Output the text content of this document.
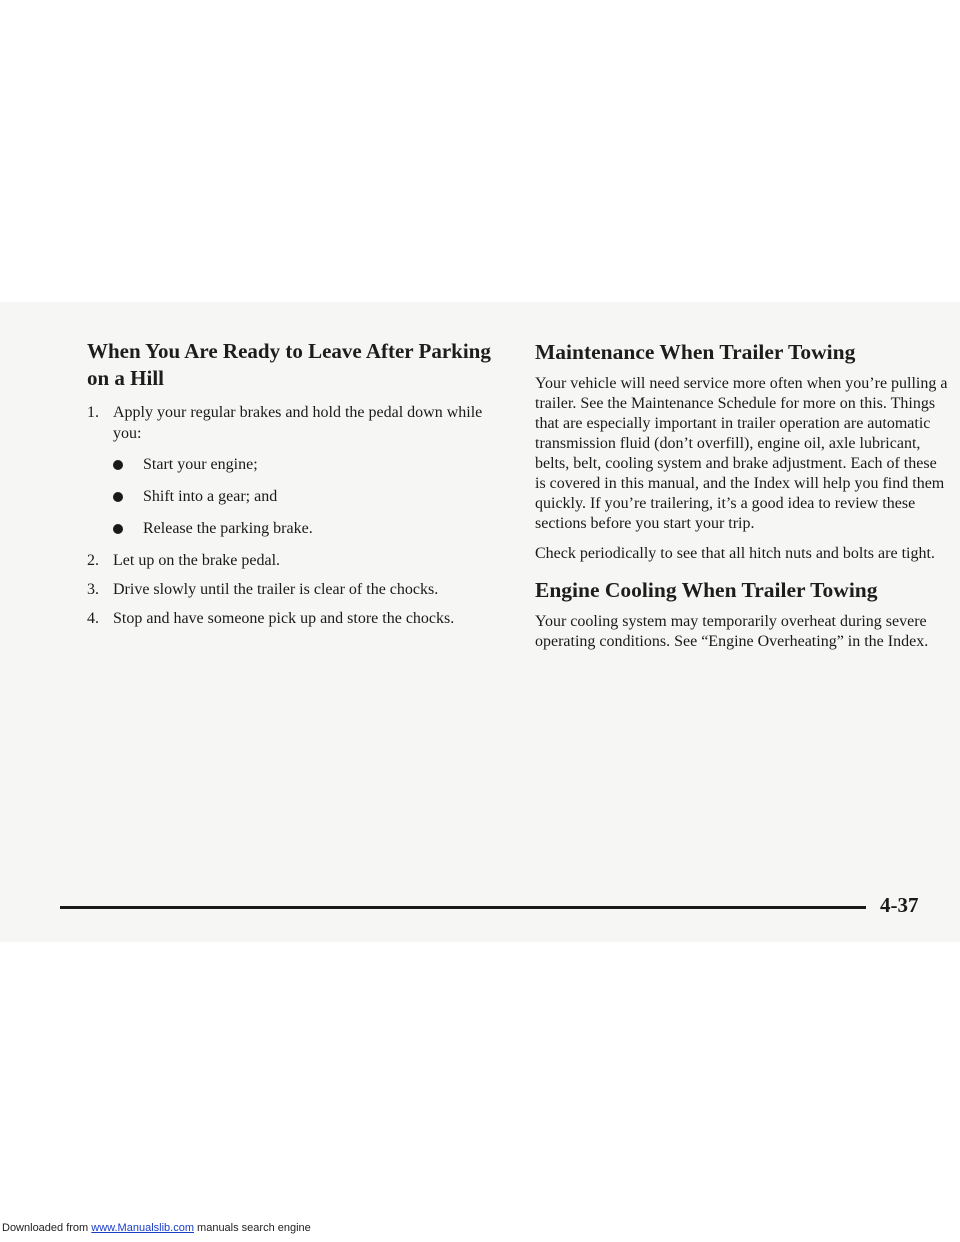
When You Are Ready to Leave After Parking on a Hill
1. Apply your regular brakes and hold the pedal down while you:
Start your engine;
Shift into a gear; and
Release the parking brake.
2. Let up on the brake pedal.
3. Drive slowly until the trailer is clear of the chocks.
4. Stop and have someone pick up and store the chocks.
Maintenance When Trailer Towing

Your vehicle will need service more often when you’re pulling a trailer. See the Maintenance Schedule for more on this. Things that are especially important in trailer operation are automatic transmission fluid (don’t overfill), engine oil, axle lubricant, belts, belt, cooling system and brake adjustment. Each of these is covered in this manual, and the Index will help you find them quickly. If you’re trailering, it’s a good idea to review these sections before you start your trip.

Check periodically to see that all hitch nuts and bolts are tight.

Engine Cooling When Trailer Towing

Your cooling system may temporarily overheat during severe operating conditions. See “Engine Overheating” in the Index.

4-37
Downloaded from www.Manualslib.com manuals search engine
